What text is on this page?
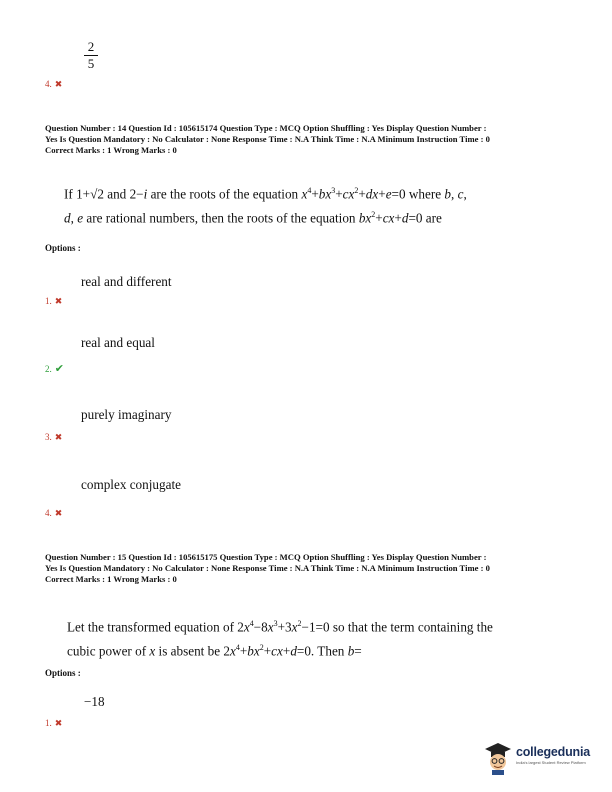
2
5
4. ✖
Question Number : 14 Question Id : 105615174 Question Type : MCQ Option Shuffling : Yes Display Question Number :
Yes Is Question Mandatory : No Calculator : None Response Time : N.A Think Time : N.A Minimum Instruction Time : 0
Correct Marks : 1 Wrong Marks : 0
If 1+√2 and 2−i are the roots of the equation $x^4+bx^3+cx^2+dx+e=0$ where b, c,
d, e are rational numbers, then the roots of the equation $bx^2+cx+d=0$ are
Options :
real and different
1. ✖
real and equal
2. ✔
purely imaginary
3. ✖
complex conjugate
4. ✖
Question Number : 15 Question Id : 105615175 Question Type : MCQ Option Shuffling : Yes Display Question Number :
Yes Is Question Mandatory : No Calculator : None Response Time : N.A Think Time : N.A Minimum Instruction Time : 0
Correct Marks : 1 Wrong Marks : 0
Let the transformed equation of $2x^4-8x^3+3x^2-1=0$ so that the term containing the
cubic power of x is absent be $2x^4+bx^2+cx+d=0$. Then b=
Options :
−18
1. ✖
collegedunia
India's largest Student Review Platform
